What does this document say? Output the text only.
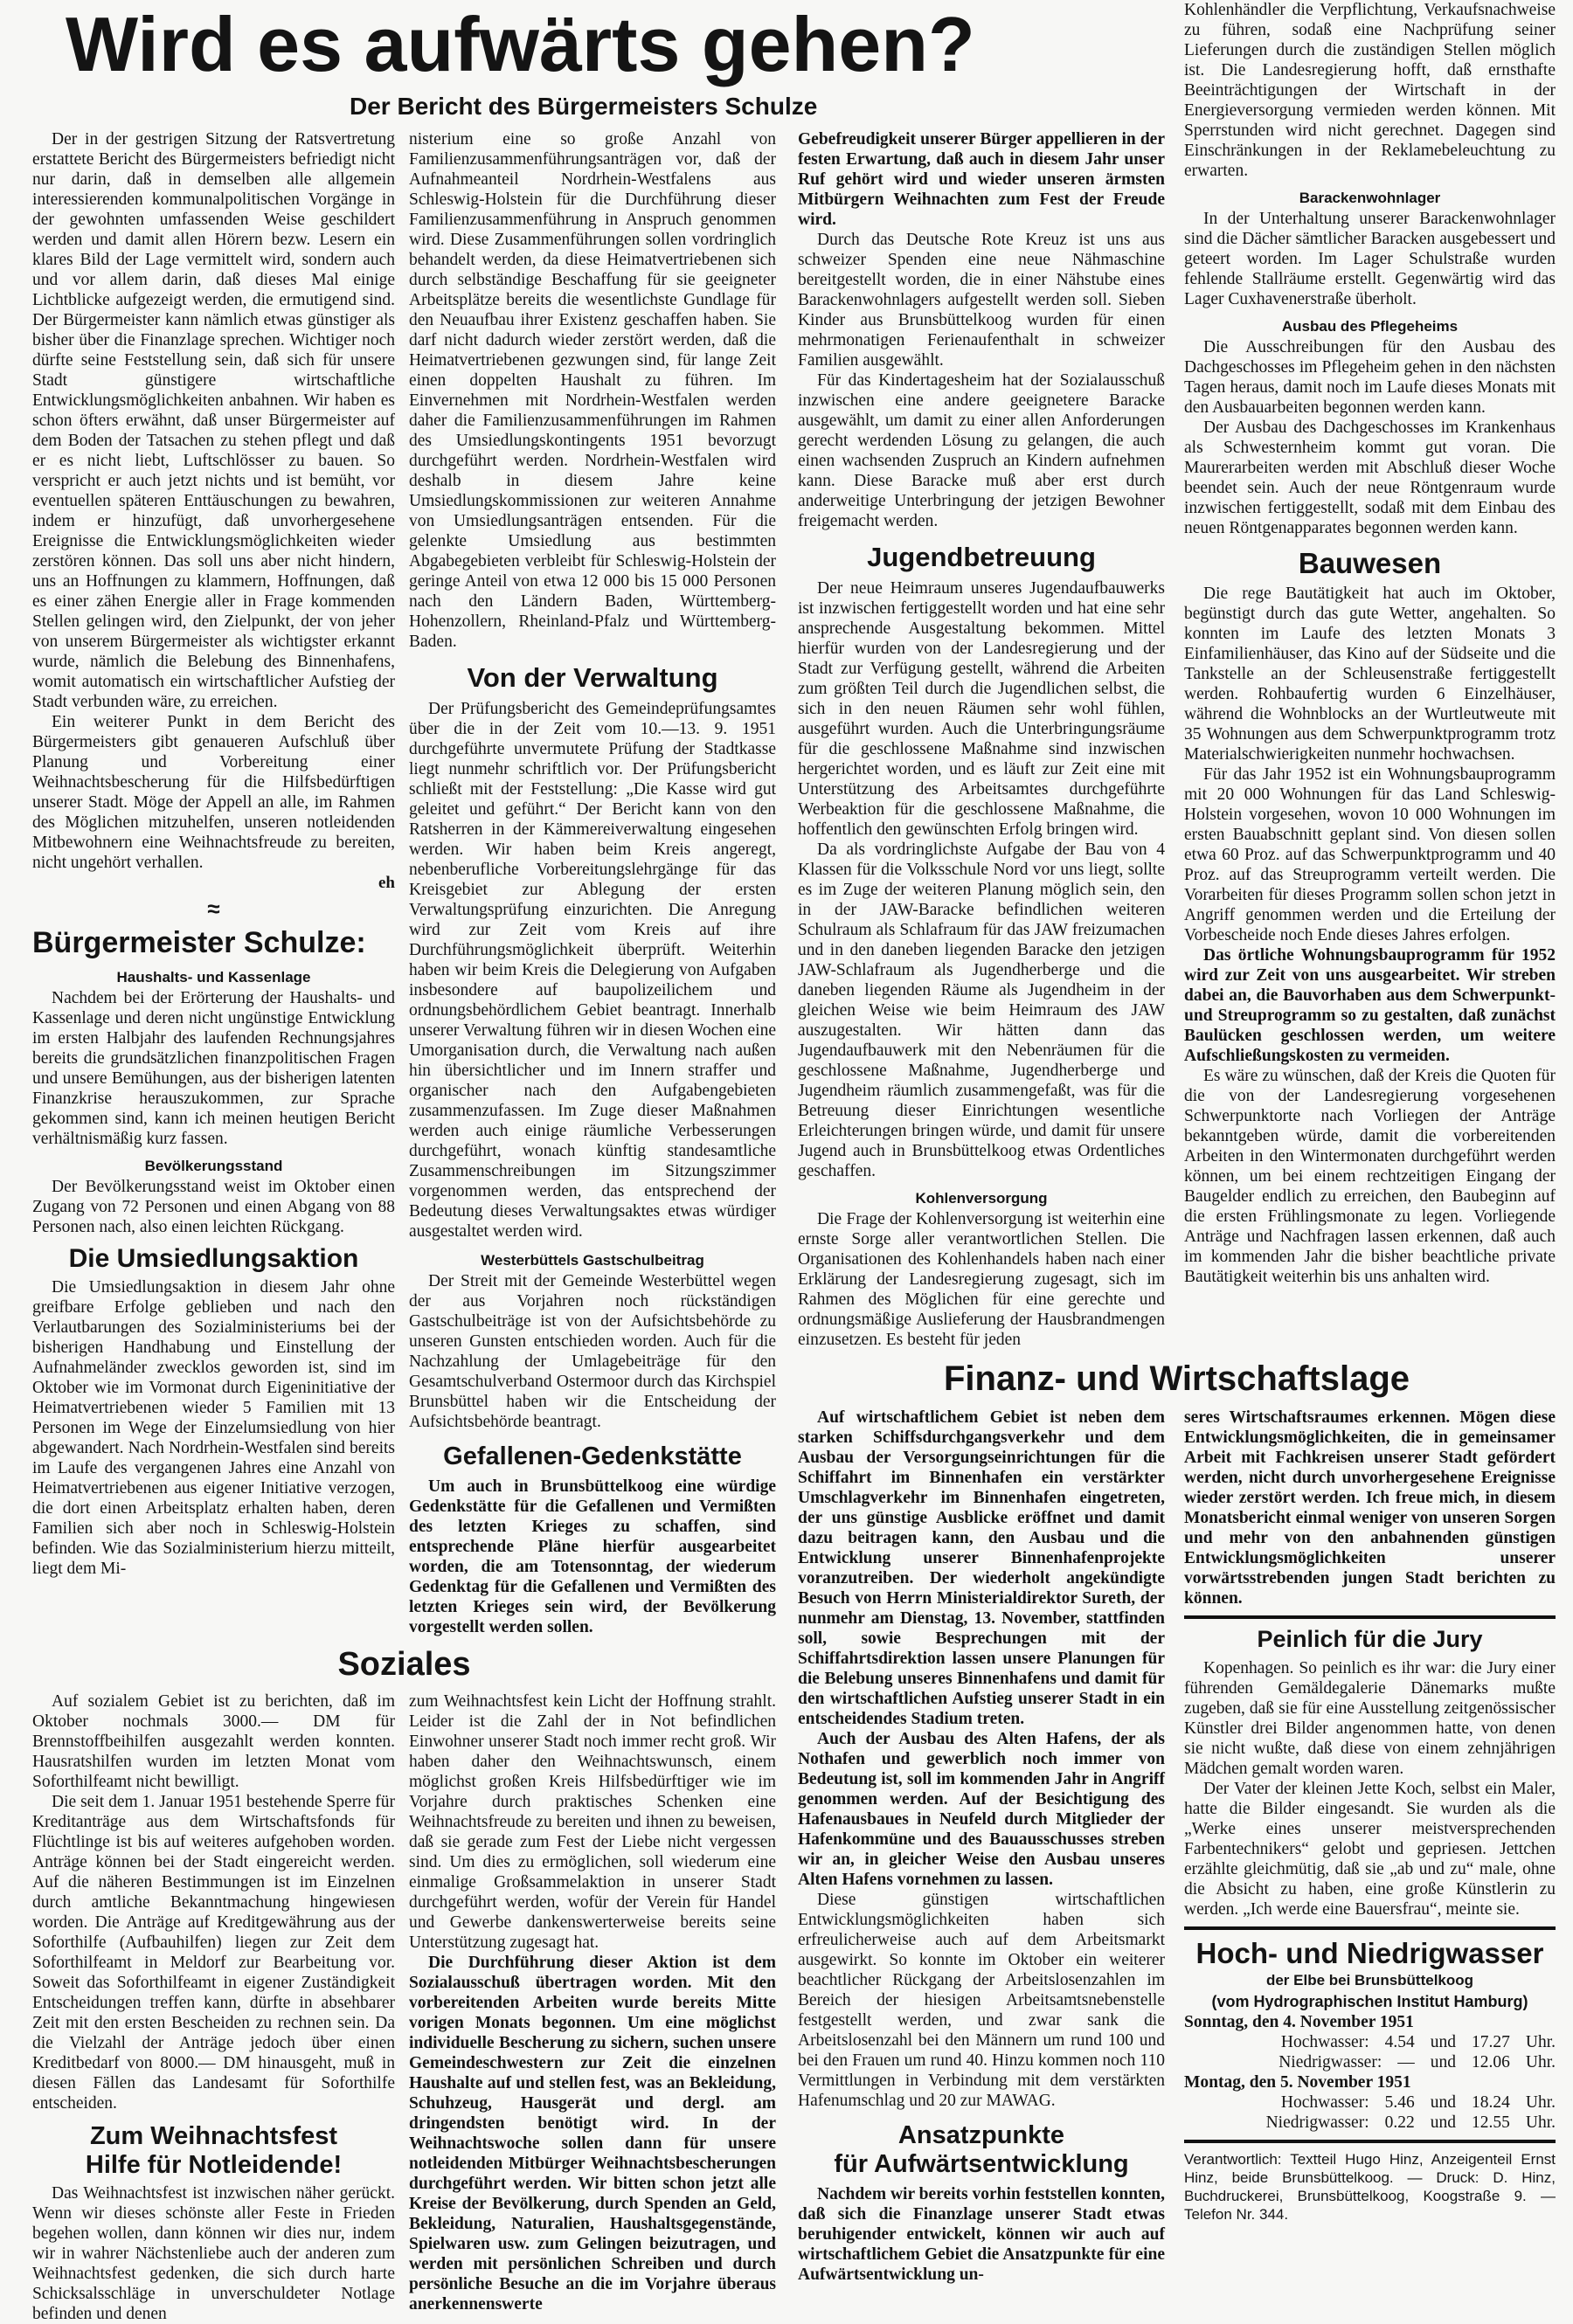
Wird es aufwärts gehen?
Der Bericht des Bürgermeisters Schulze

Der in der gestrigen Sitzung der Ratsvertretung erstattete Bericht des Bürgermeisters befriedigt nicht nur darin, daß in demselben alle allgemein interessierenden kommunalpolitischen Vorgänge in der gewohnten umfassenden Weise geschildert werden und damit allen Hörern bezw. Lesern ein klares Bild der Lage vermittelt wird, sondern auch und vor allem darin, daß dieses Mal einige Lichtblicke aufgezeigt werden, die ermutigend sind. Der Bürgermeister kann nämlich etwas günstiger als bisher über die Finanzlage sprechen. Wichtiger noch dürfte seine Feststellung sein, daß sich für unsere Stadt günstigere wirtschaftliche Entwicklungsmöglichkeiten anbahnen. Wir haben es schon öfters erwähnt, daß unser Bürgermeister auf dem Boden der Tatsachen zu stehen pflegt und daß er es nicht liebt, Luftschlösser zu bauen. So verspricht er auch jetzt nichts und ist bemüht, vor eventuellen späteren Enttäuschungen zu bewahren, indem er hinzufügt, daß unvorhergesehene Ereignisse die Entwicklungsmöglichkeiten wieder zerstören können. Das soll uns aber nicht hindern, uns an Hoffnungen zu klammern, Hoffnungen, daß es einer zähen Energie aller in Frage kommenden Stellen gelingen wird, den Zielpunkt, der von jeher von unserem Bürgermeister als wichtigster erkannt wurde, nämlich die Belebung des Binnenhafens, womit automatisch ein wirtschaftlicher Aufstieg der Stadt verbunden wäre, zu erreichen.

Ein weiterer Punkt in dem Bericht des Bürgermeisters gibt genaueren Aufschluß über Planung und Vorbereitung einer Weihnachtsbescherung für die Hilfsbedürftigen unserer Stadt. Möge der Appell an alle, im Rahmen des Möglichen mitzuhelfen, unseren notleidenden Mitbewohnern eine Weihnachtsfreude zu bereiten, nicht ungehört verhallen.

eh
≈
Bürgermeister Schulze:
Haushalts- und Kassenlage

Nachdem bei der Erörterung der Haushalts- und Kassenlage und deren nicht ungünstige Entwicklung im ersten Halbjahr des laufenden Rechnungsjahres bereits die grundsätzlichen finanzpolitischen Fragen und unsere Bemühungen, aus der bisherigen latenten Finanzkrise herauszukommen, zur Sprache gekommen sind, kann ich meinen heutigen Bericht verhältnismäßig kurz fassen.

Bevölkerungsstand

Der Bevölkerungsstand weist im Oktober einen Zugang von 72 Personen und einen Abgang von 88 Personen nach, also einen leichten Rückgang.

Die Umsiedlungsaktion

Die Umsiedlungsaktion in diesem Jahr ohne greifbare Erfolge geblieben und nach den Verlautbarungen des Sozialministeriums bei der bisherigen Handhabung und Einstellung der Aufnahmeländer zwecklos geworden ist, sind im Oktober wie im Vormonat durch Eigeninitiative der Heimatvertriebenen wieder 5 Familien mit 13 Personen im Wege der Einzelumsiedlung von hier abgewandert. Nach Nordrhein-Westfalen sind bereits im Laufe des vergangenen Jahres eine Anzahl von Heimatvertriebenen aus eigener Initiative verzogen, die dort einen Arbeitsplatz erhalten haben, deren Familien sich aber noch in Schleswig-Holstein befinden. Wie das Sozialministerium hierzu mitteilt, liegt dem Mi-

nisterium eine so große Anzahl von Familienzusammenführungsanträgen vor, daß der Aufnahmeanteil Nordrhein-Westfalens aus Schleswig-Holstein für die Durchführung dieser Familienzusammenführung in Anspruch genommen wird. Diese Zusammenführungen sollen vordringlich behandelt werden, da diese Heimatvertriebenen sich durch selbständige Beschaffung für sie geeigneter Arbeitsplätze bereits die wesentlichste Gundlage für den Neuaufbau ihrer Existenz geschaffen haben. Sie darf nicht dadurch wieder zerstört werden, daß die Heimatvertriebenen gezwungen sind, für lange Zeit einen doppelten Haushalt zu führen. Im Einvernehmen mit Nordrhein-Westfalen werden daher die Familienzusammenführungen im Rahmen des Umsiedlungskontingents 1951 bevorzugt durchgeführt werden. Nordrhein-Westfalen wird deshalb in diesem Jahre keine Umsiedlungskommissionen zur weiteren Annahme von Umsiedlungsanträgen entsenden. Für die gelenkte Umsiedlung aus bestimmten Abgabegebieten verbleibt für Schleswig-Holstein der geringe Anteil von etwa 12 000 bis 15 000 Personen nach den Ländern Baden, Württemberg-Hohenzollern, Rheinland-Pfalz und Württemberg-Baden.

Von der Verwaltung

Der Prüfungsbericht des Gemeindeprüfungsamtes über die in der Zeit vom 10.—13. 9. 1951 durchgeführte unvermutete Prüfung der Stadtkasse liegt nunmehr schriftlich vor. Der Prüfungsbericht schließt mit der Feststellung: „Die Kasse wird gut geleitet und geführt.“ Der Bericht kann von den Ratsherren in der Kämmereiverwaltung eingesehen werden. Wir haben beim Kreis angeregt, nebenberufliche Vorbereitungslehrgänge für das Kreisgebiet zur Ablegung der ersten Verwaltungsprüfung einzurichten. Die Anregung wird zur Zeit vom Kreis auf ihre Durchführungsmöglichkeit überprüft. Weiterhin haben wir beim Kreis die Delegierung von Aufgaben insbesondere auf baupolizeilichem und ordnungsbehördlichem Gebiet beantragt. Innerhalb unserer Verwaltung führen wir in diesen Wochen eine Umorganisation durch, die Verwaltung nach außen hin übersichtlicher und im Innern straffer und organischer nach den Aufgabengebieten zusammenzufassen. Im Zuge dieser Maßnahmen werden auch einige räumliche Verbesserungen durchgeführt, wonach künftig standesamtliche Zusammenschreibungen im Sitzungszimmer vorgenommen werden, das entsprechend der Bedeutung dieses Verwaltungsaktes etwas würdiger ausgestaltet werden wird.

Westerbüttels Gastschulbeitrag

Der Streit mit der Gemeinde Westerbüttel wegen der aus Vorjahren noch rückständigen Gastschulbeiträge ist von der Aufsichtsbehörde zu unseren Gunsten entschieden worden. Auch für die Nachzahlung der Umlagebeiträge für den Gesamtschulverband Ostermoor durch das Kirchspiel Brunsbüttel haben wir die Entscheidung der Aufsichtsbehörde beantragt.

Gefallenen-Gedenkstätte

Um auch in Brunsbüttelkoog eine würdige Gedenkstätte für die Gefallenen und Vermißten des letzten Krieges zu schaffen, sind entsprechende Pläne hierfür ausgearbeitet worden, die am Totensonntag, der wiederum Gedenktag für die Gefallenen und Vermißten des letzten Krieges sein wird, der Bevölkerung vorgestellt werden sollen.

Soziales

Auf sozialem Gebiet ist zu berichten, daß im Oktober nochmals 3000.— DM für Brennstoffbeihilfen ausgezahlt werden konnten. Hausratshilfen wurden im letzten Monat vom Soforthilfeamt nicht bewilligt.

Die seit dem 1. Januar 1951 bestehende Sperre für Kreditanträge aus dem Wirtschaftsfonds für Flüchtlinge ist bis auf weiteres aufgehoben worden. Anträge können bei der Stadt eingereicht werden. Auf die näheren Bestimmungen ist im Einzelnen durch amtliche Bekanntmachung hingewiesen worden. Die Anträge auf Kreditgewährung aus der Soforthilfe (Aufbauhilfen) liegen zur Zeit dem Soforthilfeamt in Meldorf zur Bearbeitung vor. Soweit das Soforthilfeamt in eigener Zuständigkeit Entscheidungen treffen kann, dürfte in absehbarer Zeit mit den ersten Bescheiden zu rechnen sein. Da die Vielzahl der Anträge jedoch über einen Kreditbedarf von 8000.— DM hinausgeht, muß in diesen Fällen das Landesamt für Soforthilfe entscheiden.

Zum Weihnachtsfest
Hilfe für Notleidende!

Das Weihnachtsfest ist inzwischen näher gerückt. Wenn wir dieses schönste aller Feste in Frieden begehen wollen, dann können wir dies nur, indem wir in wahrer Nächstenliebe auch der anderen zum Weihnachtsfest gedenken, die sich durch harte Schicksalsschläge in unverschuldeter Notlage befinden und denen

zum Weihnachtsfest kein Licht der Hoffnung strahlt. Leider ist die Zahl der in Not befindlichen Einwohner unserer Stadt noch immer recht groß. Wir haben daher den Weihnachtswunsch, einem möglichst großen Kreis Hilfsbedürftiger wie im Vorjahre durch praktisches Schenken eine Weihnachtsfreude zu bereiten und ihnen zu beweisen, daß sie gerade zum Fest der Liebe nicht vergessen sind. Um dies zu ermöglichen, soll wiederum eine einmalige Großsammelaktion in unserer Stadt durchgeführt werden, wofür der Verein für Handel und Gewerbe dankenswerterweise bereits seine Unterstützung zugesagt hat.

Die Durchführung dieser Aktion ist dem Sozialausschuß übertragen worden. Mit den vorbereitenden Arbeiten wurde bereits Mitte vorigen Monats begonnen. Um eine möglichst individuelle Bescherung zu sichern, suchen unsere Gemeindeschwestern zur Zeit die einzelnen Haushalte auf und stellen fest, was an Bekleidung, Schuhzeug, Hausgerät und dergl. am dringendsten benötigt wird. In der Weihnachtswoche sollen dann für unsere notleidenden Mitbürger Weihnachtsbescherungen durchgeführt werden. Wir bitten schon jetzt alle Kreise der Bevölkerung, durch Spenden an Geld, Bekleidung, Naturalien, Haushaltsgegenstände, Spielwaren usw. zum Gelingen beizutragen, und werden mit persönlichen Schreiben und durch persönliche Besuche an die im Vorjahre überaus anerkennenswerte

Gebefreudigkeit unserer Bürger appellieren in der festen Erwartung, daß auch in diesem Jahr unser Ruf gehört wird und wieder unseren ärmsten Mitbürgern Weihnachten zum Fest der Freude wird.

Durch das Deutsche Rote Kreuz ist uns aus schweizer Spenden eine neue Nähmaschine bereitgestellt worden, die in einer Nähstube eines Barackenwohnlagers aufgestellt werden soll. Sieben Kinder aus Brunsbüttelkoog wurden für einen mehrmonatigen Ferienaufenthalt in schweizer Familien ausgewählt.

Für das Kindertagesheim hat der Sozialausschuß inzwischen eine andere geeignetere Baracke ausgewählt, um damit zu einer allen Anforderungen gerecht werdenden Lösung zu gelangen, die auch einen wachsenden Zuspruch an Kindern aufnehmen kann. Diese Baracke muß aber erst durch anderweitige Unterbringung der jetzigen Bewohner freigemacht werden.

Jugendbetreuung

Der neue Heimraum unseres Jugendaufbauwerks ist inzwischen fertiggestellt worden und hat eine sehr ansprechende Ausgestaltung bekommen. Mittel hierfür wurden von der Landesregierung und der Stadt zur Verfügung gestellt, während die Arbeiten zum größten Teil durch die Jugendlichen selbst, die sich in den neuen Räumen sehr wohl fühlen, ausgeführt wurden. Auch die Unterbringungsräume für die geschlossene Maßnahme sind inzwischen hergerichtet worden, und es läuft zur Zeit eine mit Unterstützung des Arbeitsamtes durchgeführte Werbeaktion für die geschlossene Maßnahme, die hoffentlich den gewünschten Erfolg bringen wird.

Da als vordringlichste Aufgabe der Bau von 4 Klassen für die Volksschule Nord vor uns liegt, sollte es im Zuge der weiteren Planung möglich sein, den in der JAW-Baracke befindlichen weiteren Schulraum als Schlafraum für das JAW freizumachen und in den daneben liegenden Baracke den jetzigen JAW-Schlafraum als Jugendherberge und die daneben liegenden Räume als Jugendheim in der gleichen Weise wie beim Heimraum des JAW auszugestalten. Wir hätten dann das Jugendaufbauwerk mit den Nebenräumen für die geschlossene Maßnahme, Jugendherberge und Jugendheim räumlich zusammengefaßt, was für die Betreuung dieser Einrichtungen wesentliche Erleichterungen bringen würde, und damit für unsere Jugend auch in Brunsbüttelkoog etwas Ordentliches geschaffen.

Kohlenversorgung

Die Frage der Kohlenversorgung ist weiterhin eine ernste Sorge aller verantwortlichen Stellen. Die Organisationen des Kohlenhandels haben nach einer Erklärung der Landesregierung zugesagt, sich im Rahmen des Möglichen für eine gerechte und ordnungsmäßige Auslieferung der Hausbrandmengen einzusetzen. Es besteht für jeden

Kohlenhändler die Verpflichtung, Verkaufsnachweise zu führen, sodaß eine Nachprüfung seiner Lieferungen durch die zuständigen Stellen möglich ist. Die Landesregierung hofft, daß ernsthafte Beeinträchtigungen der Wirtschaft in der Energieversorgung vermieden werden können. Mit Sperrstunden wird nicht gerechnet. Dagegen sind Einschränkungen in der Reklamebeleuchtung zu erwarten.

Barackenwohnlager

In der Unterhaltung unserer Barackenwohnlager sind die Dächer sämtlicher Baracken ausgebessert und geteert worden. Im Lager Schulstraße wurden fehlende Stallräume erstellt. Gegenwärtig wird das Lager Cuxhavenerstraße überholt.

Ausbau des Pflegeheims

Die Ausschreibungen für den Ausbau des Dachgeschosses im Pflegeheim gehen in den nächsten Tagen heraus, damit noch im Laufe dieses Monats mit den Ausbauarbeiten begonnen werden kann.

Der Ausbau des Dachgeschosses im Krankenhaus als Schwesternheim kommt gut voran. Die Maurerarbeiten werden mit Abschluß dieser Woche beendet sein. Auch der neue Röntgenraum wurde inzwischen fertiggestellt, sodaß mit dem Einbau des neuen Röntgenapparates begonnen werden kann.

Bauwesen

Die rege Bautätigkeit hat auch im Oktober, begünstigt durch das gute Wetter, angehalten. So konnten im Laufe des letzten Monats 3 Einfamilienhäuser, das Kino auf der Südseite und die Tankstelle an der Schleusenstraße fertiggestellt werden. Rohbaufertig wurden 6 Einzelhäuser, während die Wohnblocks an der Wurtleutweute mit 35 Wohnungen aus dem Schwerpunktprogramm trotz Materialschwierigkeiten nunmehr hochwachsen.

Für das Jahr 1952 ist ein Wohnungsbauprogramm mit 20 000 Wohnungen für das Land Schleswig-Holstein vorgesehen, wovon 10 000 Wohnungen im ersten Bauabschnitt geplant sind. Von diesen sollen etwa 60 Proz. auf das Schwerpunktprogramm und 40 Proz. auf das Streuprogramm verteilt werden. Die Vorarbeiten für dieses Programm sollen schon jetzt in Angriff genommen werden und die Erteilung der Vorbescheide noch Ende dieses Jahres erfolgen.

Das örtliche Wohnungsbauprogramm für 1952 wird zur Zeit von uns ausgearbeitet. Wir streben dabei an, die Bauvorhaben aus dem Schwerpunkt- und Streuprogramm so zu gestalten, daß zunächst Baulücken geschlossen werden, um weitere Aufschließungskosten zu vermeiden.

Es wäre zu wünschen, daß der Kreis die Quoten für die von der Landesregierung vorgesehenen Schwerpunktorte nach Vorliegen der Anträge bekanntgeben würde, damit die vorbereitenden Arbeiten in den Wintermonaten durchgeführt werden können, um bei einem rechtzeitigen Eingang der Baugelder endlich zu erreichen, den Baubeginn auf die ersten Frühlingsmonate zu legen. Vorliegende Anträge und Nachfragen lassen erkennen, daß auch im kommenden Jahr die bisher beachtliche private Bautätigkeit weiterhin bis uns anhalten wird.

Finanz- und Wirtschaftslage

Auf wirtschaftlichem Gebiet ist neben dem starken Schiffsdurchgangsverkehr und dem Ausbau der Versorgungseinrichtungen für die Schiffahrt im Binnenhafen ein verstärkter Umschlagverkehr im Binnenhafen eingetreten, der uns günstige Ausblicke eröffnet und damit dazu beitragen kann, den Ausbau und die Entwicklung unserer Binnenhafenprojekte voranzutreiben. Der wiederholt angekündigte Besuch von Herrn Ministerialdirektor Sureth, der nunmehr am Dienstag, 13. November, stattfinden soll, sowie Besprechungen mit der Schiffahrtsdirektion lassen unsere Planungen für die Belebung unseres Binnenhafens und damit für den wirtschaftlichen Aufstieg unserer Stadt in ein entscheidendes Stadium treten.

Auch der Ausbau des Alten Hafens, der als Nothafen und gewerblich noch immer von Bedeutung ist, soll im kommenden Jahr in Angriff genommen werden. Auf der Besichtigung des Hafenausbaues in Neufeld durch Mitglieder der Hafenkommüne und des Bauausschusses streben wir an, in gleicher Weise den Ausbau unseres Alten Hafens vornehmen zu lassen.

Diese günstigen wirtschaftlichen Entwicklungsmöglichkeiten haben sich erfreulicherweise auch auf dem Arbeitsmarkt ausgewirkt. So konnte im Oktober ein weiterer beachtlicher Rückgang der Arbeitslosenzahlen im Bereich der hiesigen Arbeitsamtsnebenstelle festgestellt werden, und zwar sank die Arbeitslosenzahl bei den Männern um rund 100 und bei den Frauen um rund 40. Hinzu kommen noch 110 Vermittlungen in Verbindung mit dem verstärkten Hafenumschlag und 20 zur MAWAG.

Ansatzpunkte
für Aufwärtsentwicklung

Nachdem wir bereits vorhin feststellen konnten, daß sich die Finanzlage unserer Stadt etwas beruhigender entwickelt, können wir auch auf wirtschaftlichem Gebiet die Ansatzpunkte für eine Aufwärtsentwicklung un-

seres Wirtschaftsraumes erkennen. Mögen diese Entwicklungsmöglichkeiten, die in gemeinsamer Arbeit mit Fachkreisen unserer Stadt gefördert werden, nicht durch unvorhergesehene Ereignisse wieder zerstört werden. Ich freue mich, in diesem Monatsbericht einmal weniger von unseren Sorgen und mehr von den anbahnenden günstigen Entwicklungsmöglichkeiten unserer vorwärtsstrebenden jungen Stadt berichten zu können.

Peinlich für die Jury

Kopenhagen. So peinlich es ihr war: die Jury einer führenden Gemäldegalerie Dänemarks mußte zugeben, daß sie für eine Ausstellung zeitgenössischer Künstler drei Bilder angenommen hatte, von denen sie nicht wußte, daß diese von einem zehnjährigen Mädchen gemalt worden waren.

Der Vater der kleinen Jette Koch, selbst ein Maler, hatte die Bilder eingesandt. Sie wurden als die „Werke eines unserer meistversprechenden Farbentechnikers“ gelobt und gepriesen. Jettchen erzählte gleichmütig, daß sie „ab und zu“ male, ohne die Absicht zu haben, eine große Künstlerin zu werden. „Ich werde eine Bauersfrau“, meinte sie.

Hoch- und Niedrigwasser
der Elbe bei Brunsbüttelkoog
(vom Hydrographischen Institut Hamburg)
Sonntag, den 4. November 1951
Hochwasser: 4.54 und 17.27 Uhr.
Niedrigwasser: — und 12.06 Uhr.
Montag, den 5. November 1951
Hochwasser: 5.46 und 18.24 Uhr.
Niedrigwasser: 0.22 und 12.55 Uhr.

Verantwortlich: Textteil Hugo Hinz, Anzeigenteil Ernst Hinz, beide Brunsbüttelkoog. — Druck: D. Hinz, Buchdruckerei, Brunsbüttelkoog, Koogstraße 9. — Telefon Nr. 344.
